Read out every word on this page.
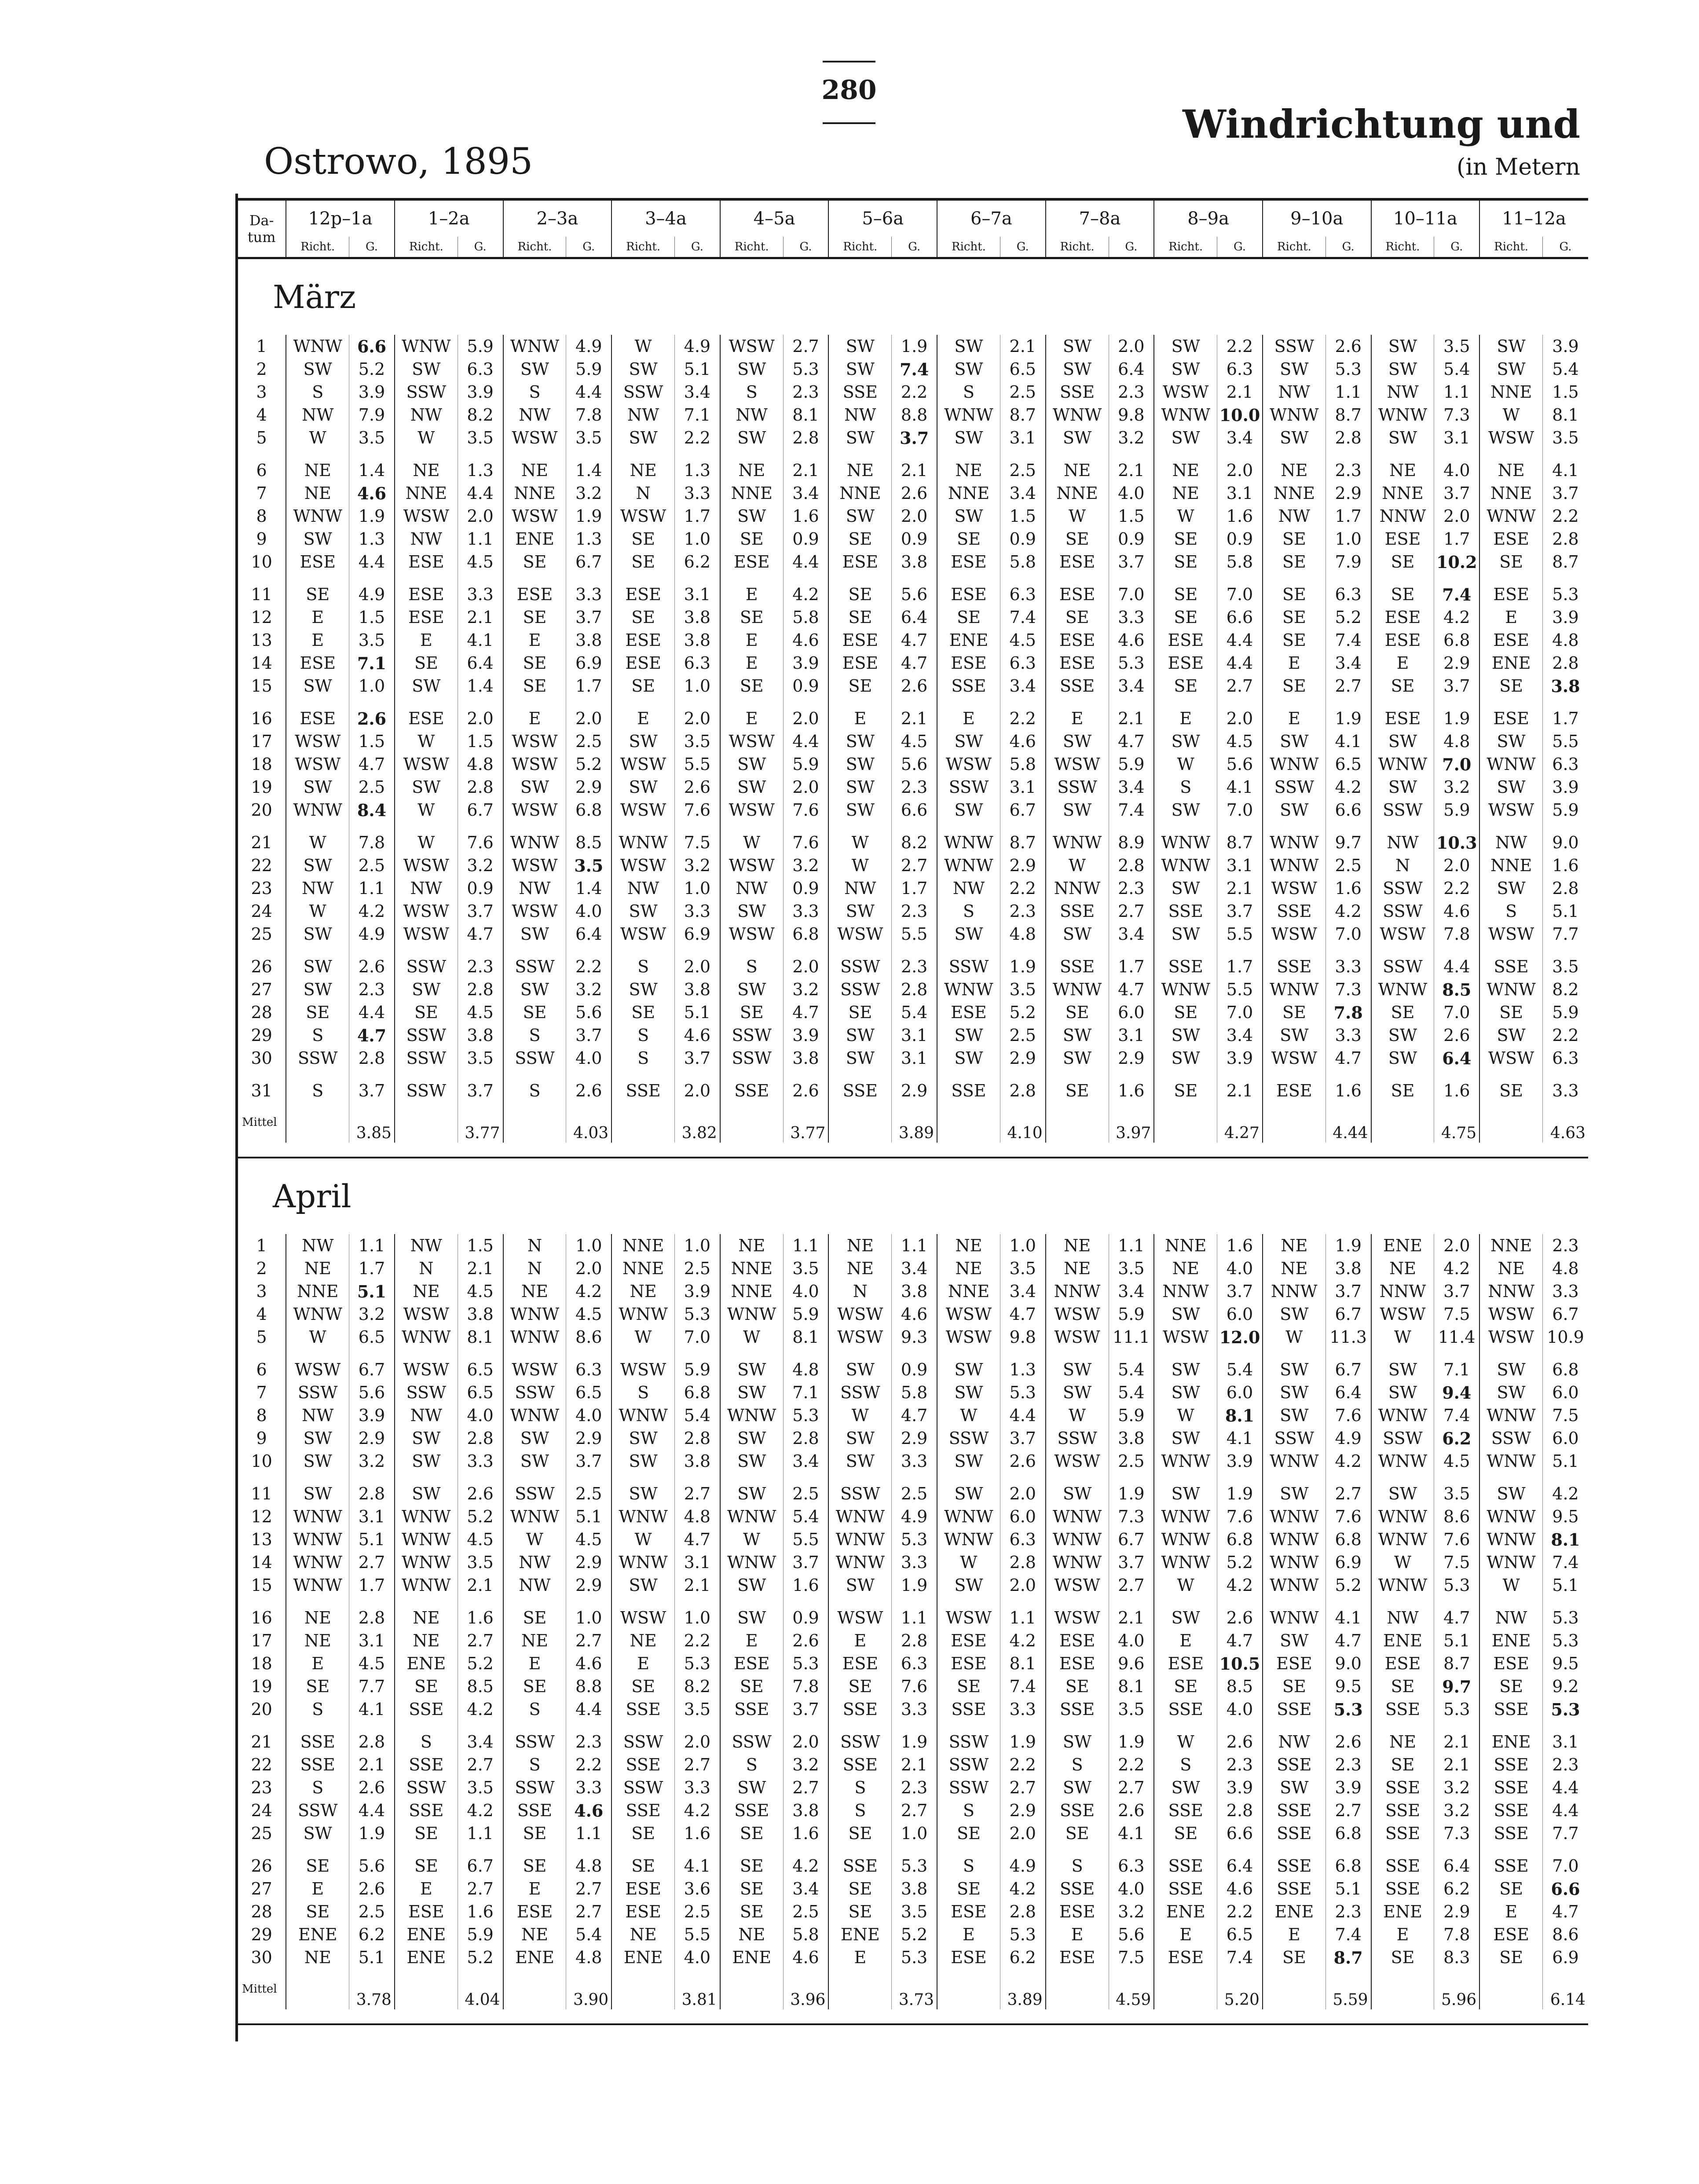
280
Ostrowo, 1895
Windrichtung und
(in Metern
Da-tum	12p–1a		1–2a		2–3a		3–4a		4–5a		5–6a		6–7a		7–8a		8–9a		9–10a		10–11a		11–12a	
	Richt.	G.	Richt.	G.	Richt.	G.	Richt.	G.	Richt.	G.	Richt.	G.	Richt.	G.	Richt.	G.	Richt.	G.	Richt.	G.	Richt.	G.	Richt.	G.
März																								
1	WNW	6.6	WNW	5.9	WNW	4.9	W	4.9	WSW	2.7	SW	1.9	SW	2.1	SW	2.0	SW	2.2	SSW	2.6	SW	3.5	SW	3.9
2	SW	5.2	SW	6.3	SW	5.9	SW	5.1	SW	5.3	SW	7.4	SW	6.5	SW	6.4	SW	6.3	SW	5.3	SW	5.4	SW	5.4
3	S	3.9	SSW	3.9	S	4.4	SSW	3.4	S	2.3	SSE	2.2	S	2.5	SSE	2.3	WSW	2.1	NW	1.1	NW	1.1	NNE	1.5
4	NW	7.9	NW	8.2	NW	7.8	NW	7.1	NW	8.1	NW	8.8	WNW	8.7	WNW	9.8	WNW	10.0	WNW	8.7	WNW	7.3	W	8.1
5	W	3.5	W	3.5	WSW	3.5	SW	2.2	SW	2.8	SW	3.7	SW	3.1	SW	3.2	SW	3.4	SW	2.8	SW	3.1	WSW	3.5
6	NE	1.4	NE	1.3	NE	1.4	NE	1.3	NE	2.1	NE	2.1	NE	2.5	NE	2.1	NE	2.0	NE	2.3	NE	4.0	NE	4.1
7	NE	4.6	NNE	4.4	NNE	3.2	N	3.3	NNE	3.4	NNE	2.6	NNE	3.4	NNE	4.0	NE	3.1	NNE	2.9	NNE	3.7	NNE	3.7
8	WNW	1.9	WSW	2.0	WSW	1.9	WSW	1.7	SW	1.6	SW	2.0	SW	1.5	W	1.5	W	1.6	NW	1.7	NNW	2.0	WNW	2.2
9	SW	1.3	NW	1.1	ENE	1.3	SE	1.0	SE	0.9	SE	0.9	SE	0.9	SE	0.9	SE	0.9	SE	1.0	ESE	1.7	ESE	2.8
10	ESE	4.4	ESE	4.5	SE	6.7	SE	6.2	ESE	4.4	ESE	3.8	ESE	5.8	ESE	3.7	SE	5.8	SE	7.9	SE	10.2	SE	8.7
11	SE	4.9	ESE	3.3	ESE	3.3	ESE	3.1	E	4.2	SE	5.6	ESE	6.3	ESE	7.0	SE	7.0	SE	6.3	SE	7.4	ESE	5.3
12	E	1.5	ESE	2.1	SE	3.7	SE	3.8	SE	5.8	SE	6.4	SE	7.4	SE	3.3	SE	6.6	SE	5.2	ESE	4.2	E	3.9
13	E	3.5	E	4.1	E	3.8	ESE	3.8	E	4.6	ESE	4.7	ENE	4.5	ESE	4.6	ESE	4.4	SE	7.4	ESE	6.8	ESE	4.8
14	ESE	7.1	SE	6.4	SE	6.9	ESE	6.3	E	3.9	ESE	4.7	ESE	6.3	ESE	5.3	ESE	4.4	E	3.4	E	2.9	ENE	2.8
15	SW	1.0	SW	1.4	SE	1.7	SE	1.0	SE	0.9	SE	2.6	SSE	3.4	SSE	3.4	SE	2.7	SE	2.7	SE	3.7	SE	3.8
16	ESE	2.6	ESE	2.0	E	2.0	E	2.0	E	2.0	E	2.1	E	2.2	E	2.1	E	2.0	E	1.9	ESE	1.9	ESE	1.7
17	WSW	1.5	W	1.5	WSW	2.5	SW	3.5	WSW	4.4	SW	4.5	SW	4.6	SW	4.7	SW	4.5	SW	4.1	SW	4.8	SW	5.5
18	WSW	4.7	WSW	4.8	WSW	5.2	WSW	5.5	SW	5.9	SW	5.6	WSW	5.8	WSW	5.9	W	5.6	WNW	6.5	WNW	7.0	WNW	6.3
19	SW	2.5	SW	2.8	SW	2.9	SW	2.6	SW	2.0	SW	2.3	SSW	3.1	SSW	3.4	S	4.1	SSW	4.2	SW	3.2	SW	3.9
20	WNW	8.4	W	6.7	WSW	6.8	WSW	7.6	WSW	7.6	SW	6.6	SW	6.7	SW	7.4	SW	7.0	SW	6.6	SSW	5.9	WSW	5.9
21	W	7.8	W	7.6	WNW	8.5	WNW	7.5	W	7.6	W	8.2	WNW	8.7	WNW	8.9	WNW	8.7	WNW	9.7	NW	10.3	NW	9.0
22	SW	2.5	WSW	3.2	WSW	3.5	WSW	3.2	WSW	3.2	W	2.7	WNW	2.9	W	2.8	WNW	3.1	WNW	2.5	N	2.0	NNE	1.6
23	NW	1.1	NW	0.9	NW	1.4	NW	1.0	NW	0.9	NW	1.7	NW	2.2	NNW	2.3	SW	2.1	WSW	1.6	SSW	2.2	SW	2.8
24	W	4.2	WSW	3.7	WSW	4.0	SW	3.3	SW	3.3	SW	2.3	S	2.3	SSE	2.7	SSE	3.7	SSE	4.2	SSW	4.6	S	5.1
25	SW	4.9	WSW	4.7	SW	6.4	WSW	6.9	WSW	6.8	WSW	5.5	SW	4.8	SW	3.4	SW	5.5	WSW	7.0	WSW	7.8	WSW	7.7
26	SW	2.6	SSW	2.3	SSW	2.2	S	2.0	S	2.0	SSW	2.3	SSW	1.9	SSE	1.7	SSE	1.7	SSE	3.3	SSW	4.4	SSE	3.5
27	SW	2.3	SW	2.8	SW	3.2	SW	3.8	SW	3.2	SSW	2.8	WNW	3.5	WNW	4.7	WNW	5.5	WNW	7.3	WNW	8.5	WNW	8.2
28	SE	4.4	SE	4.5	SE	5.6	SE	5.1	SE	4.7	SE	5.4	ESE	5.2	SE	6.0	SE	7.0	SE	7.8	SE	7.0	SE	5.9
29	S	4.7	SSW	3.8	S	3.7	S	4.6	SSW	3.9	SW	3.1	SW	2.5	SW	3.1	SW	3.4	SW	3.3	SW	2.6	SW	2.2
30	SSW	2.8	SSW	3.5	SSW	4.0	S	3.7	SSW	3.8	SW	3.1	SW	2.9	SW	2.9	SW	3.9	WSW	4.7	SW	6.4	WSW	6.3
31	S	3.7	SSW	3.7	S	2.6	SSE	2.0	SSE	2.6	SSE	2.9	SSE	2.8	SE	1.6	SE	2.1	ESE	1.6	SE	1.6	SE	3.3
Mittel		3.85		3.77		4.03		3.82		3.77		3.89		4.10		3.97		4.27		4.44		4.75		4.63

April																								
1	NW	1.1	NW	1.5	N	1.0	NNE	1.0	NE	1.1	NE	1.1	NE	1.0	NE	1.1	NNE	1.6	NE	1.9	ENE	2.0	NNE	2.3
2	NE	1.7	N	2.1	N	2.0	NNE	2.5	NNE	3.5	NE	3.4	NE	3.5	NE	3.5	NE	4.0	NE	3.8	NE	4.2	NE	4.8
3	NNE	5.1	NE	4.5	NE	4.2	NE	3.9	NNE	4.0	N	3.8	NNE	3.4	NNW	3.4	NNW	3.7	NNW	3.7	NNW	3.7	NNW	3.3
4	WNW	3.2	WSW	3.8	WNW	4.5	WNW	5.3	WNW	5.9	WSW	4.6	WSW	4.7	WSW	5.9	SW	6.0	SW	6.7	WSW	7.5	WSW	6.7
5	W	6.5	WNW	8.1	WNW	8.6	W	7.0	W	8.1	WSW	9.3	WSW	9.8	WSW	11.1	WSW	12.0	W	11.3	W	11.4	WSW	10.9
6	WSW	6.7	WSW	6.5	WSW	6.3	WSW	5.9	SW	4.8	SW	0.9	SW	1.3	SW	5.4	SW	5.4	SW	6.7	SW	7.1	SW	6.8
7	SSW	5.6	SSW	6.5	SSW	6.5	S	6.8	SW	7.1	SSW	5.8	SW	5.3	SW	5.4	SW	6.0	SW	6.4	SW	9.4	SW	6.0
8	NW	3.9	NW	4.0	WNW	4.0	WNW	5.4	WNW	5.3	W	4.7	W	4.4	W	5.9	W	8.1	SW	7.6	WNW	7.4	WNW	7.5
9	SW	2.9	SW	2.8	SW	2.9	SW	2.8	SW	2.8	SW	2.9	SSW	3.7	SSW	3.8	SW	4.1	SSW	4.9	SSW	6.2	SSW	6.0
10	SW	3.2	SW	3.3	SW	3.7	SW	3.8	SW	3.4	SW	3.3	SW	2.6	WSW	2.5	WNW	3.9	WNW	4.2	WNW	4.5	WNW	5.1
11	SW	2.8	SW	2.6	SSW	2.5	SW	2.7	SW	2.5	SSW	2.5	SW	2.0	SW	1.9	SW	1.9	SW	2.7	SW	3.5	SW	4.2
12	WNW	3.1	WNW	5.2	WNW	5.1	WNW	4.8	WNW	5.4	WNW	4.9	WNW	6.0	WNW	7.3	WNW	7.6	WNW	7.6	WNW	8.6	WNW	9.5
13	WNW	5.1	WNW	4.5	W	4.5	W	4.7	W	5.5	WNW	5.3	WNW	6.3	WNW	6.7	WNW	6.8	WNW	6.8	WNW	7.6	WNW	8.1
14	WNW	2.7	WNW	3.5	NW	2.9	WNW	3.1	WNW	3.7	WNW	3.3	W	2.8	WNW	3.7	WNW	5.2	WNW	6.9	W	7.5	WNW	7.4
15	WNW	1.7	WNW	2.1	NW	2.9	SW	2.1	SW	1.6	SW	1.9	SW	2.0	WSW	2.7	W	4.2	WNW	5.2	WNW	5.3	W	5.1
16	NE	2.8	NE	1.6	SE	1.0	WSW	1.0	SW	0.9	WSW	1.1	WSW	1.1	WSW	2.1	SW	2.6	WNW	4.1	NW	4.7	NW	5.3
17	NE	3.1	NE	2.7	NE	2.7	NE	2.2	E	2.6	E	2.8	ESE	4.2	ESE	4.0	E	4.7	SW	4.7	ENE	5.1	ENE	5.3
18	E	4.5	ENE	5.2	E	4.6	E	5.3	ESE	5.3	ESE	6.3	ESE	8.1	ESE	9.6	ESE	10.5	ESE	9.0	ESE	8.7	ESE	9.5
19	SE	7.7	SE	8.5	SE	8.8	SE	8.2	SE	7.8	SE	7.6	SE	7.4	SE	8.1	SE	8.5	SE	9.5	SE	9.7	SE	9.2
20	S	4.1	SSE	4.2	S	4.4	SSE	3.5	SSE	3.7	SSE	3.3	SSE	3.3	SSE	3.5	SSE	4.0	SSE	5.3	SSE	5.3	SSE	5.3
21	SSE	2.8	S	3.4	SSW	2.3	SSW	2.0	SSW	2.0	SSW	1.9	SSW	1.9	SW	1.9	W	2.6	NW	2.6	NE	2.1	ENE	3.1
22	SSE	2.1	SSE	2.7	S	2.2	SSE	2.7	S	3.2	SSE	2.1	SSW	2.2	S	2.2	S	2.3	SSE	2.3	SE	2.1	SSE	2.3
23	S	2.6	SSW	3.5	SSW	3.3	SSW	3.3	SW	2.7	S	2.3	SSW	2.7	SW	2.7	SW	3.9	SW	3.9	SSE	3.2	SSE	4.4
24	SSW	4.4	SSE	4.2	SSE	4.6	SSE	4.2	SSE	3.8	S	2.7	S	2.9	SSE	2.6	SSE	2.8	SSE	2.7	SSE	3.2	SSE	4.4
25	SW	1.9	SE	1.1	SE	1.1	SE	1.6	SE	1.6	SE	1.0	SE	2.0	SE	4.1	SE	6.6	SSE	6.8	SSE	7.3	SSE	7.7
26	SE	5.6	SE	6.7	SE	4.8	SE	4.1	SE	4.2	SSE	5.3	S	4.9	S	6.3	SSE	6.4	SSE	6.8	SSE	6.4	SSE	7.0
27	E	2.6	E	2.7	E	2.7	ESE	3.6	SE	3.4	SE	3.8	SE	4.2	SSE	4.0	SSE	4.6	SSE	5.1	SSE	6.2	SE	6.6
28	SE	2.5	ESE	1.6	ESE	2.7	ESE	2.5	SE	2.5	SE	3.5	ESE	2.8	ESE	3.2	ENE	2.2	ENE	2.3	ENE	2.9	E	4.7
29	ENE	6.2	ENE	5.9	NE	5.4	NE	5.5	NE	5.8	ENE	5.2	E	5.3	E	5.6	E	6.5	E	7.4	E	7.8	ESE	8.6
30	NE	5.1	ENE	5.2	ENE	4.8	ENE	4.0	ENE	4.6	E	5.3	ESE	6.2	ESE	7.5	ESE	7.4	SE	8.7	SE	8.3	SE	6.9
Mittel		3.78		4.04		3.90		3.81		3.96		3.73		3.89		4.59		5.20		5.59		5.96		6.14
